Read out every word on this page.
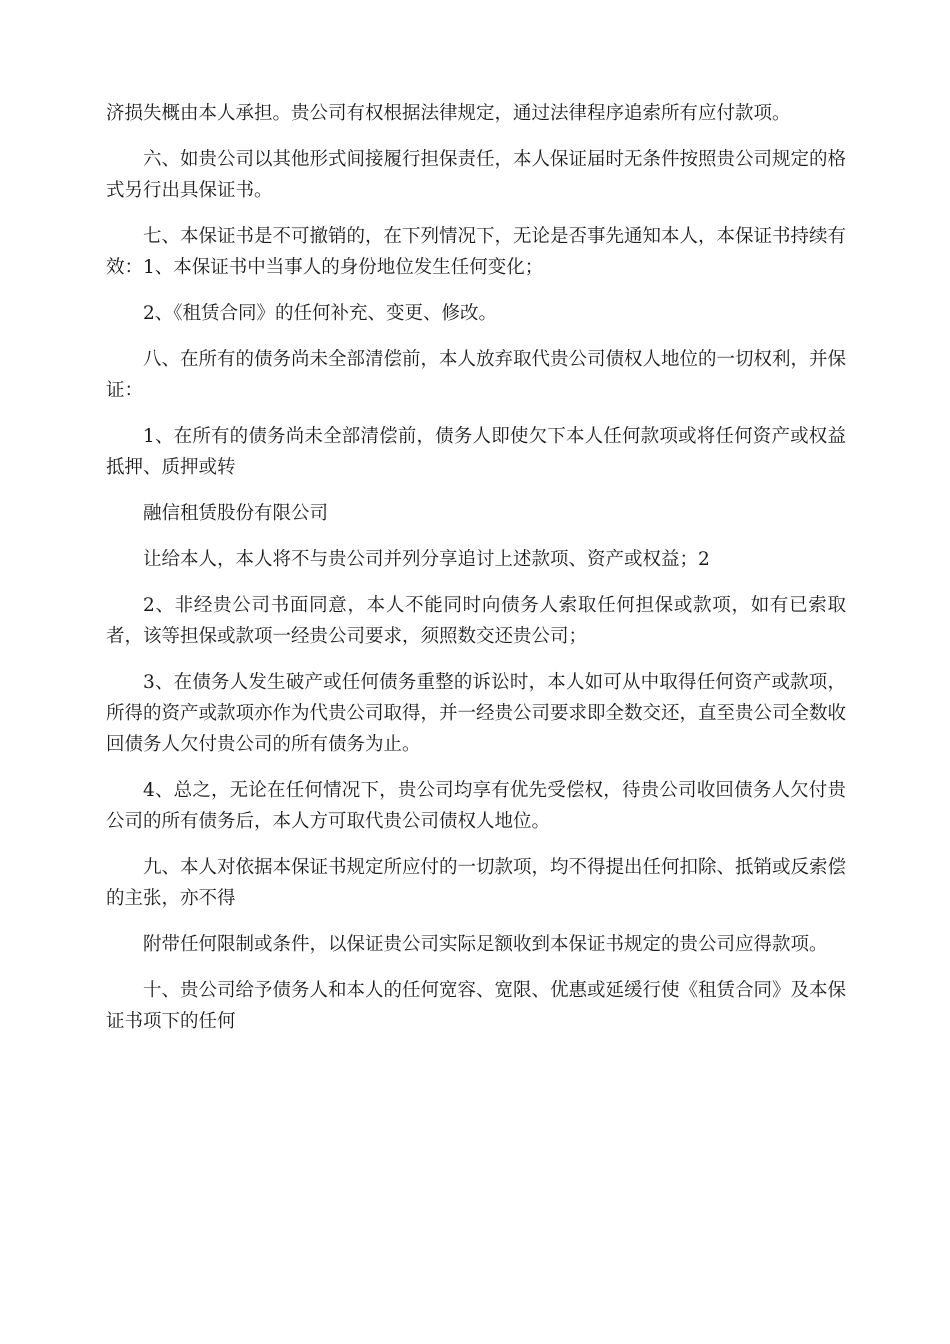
济损失概由本人承担。贵公司有权根据法律规定，通过法律程序追索所有应付款项。

六、如贵公司以其他形式间接履行担保责任，本人保证届时无条件按照贵公司规定的格式另行出具保证书。

七、本保证书是不可撤销的，在下列情况下，无论是否事先通知本人，本保证书持续有效：1、本保证书中当事人的身份地位发生任何变化；

2、《租赁合同》的任何补充、变更、修改。

八、在所有的债务尚未全部清偿前，本人放弃取代贵公司债权人地位的一切权利，并保证：

1、在所有的债务尚未全部清偿前，债务人即使欠下本人任何款项或将任何资产或权益抵押、质押或转

融信租赁股份有限公司

让给本人，本人将不与贵公司并列分享追讨上述款项、资产或权益；2

2、非经贵公司书面同意，本人不能同时向债务人索取任何担保或款项，如有已索取者，该等担保或款项一经贵公司要求，须照数交还贵公司；

3、在债务人发生破产或任何债务重整的诉讼时，本人如可从中取得任何资产或款项，所得的资产或款项亦作为代贵公司取得，并一经贵公司要求即全数交还，直至贵公司全数收回债务人欠付贵公司的所有债务为止。

4、总之，无论在任何情况下，贵公司均享有优先受偿权，待贵公司收回债务人欠付贵公司的所有债务后，本人方可取代贵公司债权人地位。

九、本人对依据本保证书规定所应付的一切款项，均不得提出任何扣除、抵销或反索偿的主张，亦不得

附带任何限制或条件，以保证贵公司实际足额收到本保证书规定的贵公司应得款项。

十、贵公司给予债务人和本人的任何宽容、宽限、优惠或延缓行使《租赁合同》及本保证书项下的任何
